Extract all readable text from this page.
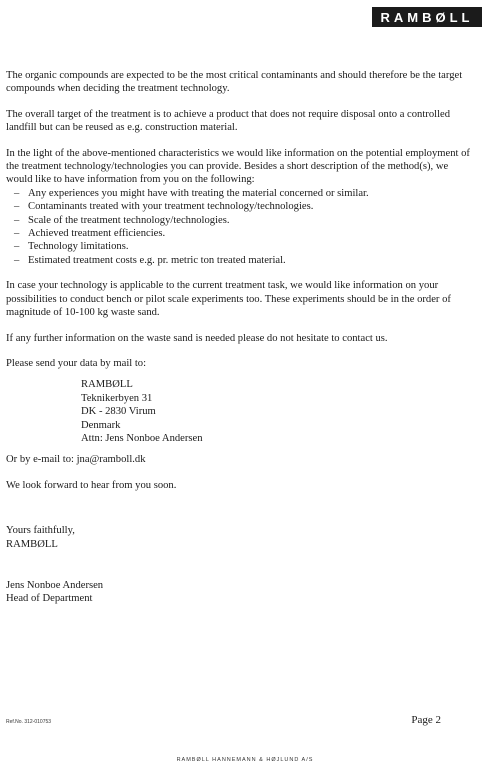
RAMBØLL

The organic compounds are expected to be the most critical contaminants and should therefore be the target compounds when deciding the treatment technology.

The overall target of the treatment is to achieve a product that does not require disposal onto a controlled landfill but can be reused as e.g. construction material.

In the light of the above-mentioned characteristics we would like information on the potential employment of the treatment technology/technologies you can provide. Besides a short description of the method(s), we would like to have information from you on the following:

– Any experiences you might have with treating the material concerned or similar.
– Contaminants treated with your treatment technology/technologies.
– Scale of the treatment technology/technologies.
– Achieved treatment efficiencies.
– Technology limitations.
– Estimated treatment costs e.g. pr. metric ton treated material.

In case your technology is applicable to the current treatment task, we would like information on your possibilities to conduct bench or pilot scale experiments too. These experiments should be in the order of magnitude of 10-100 kg waste sand.

If any further information on the waste sand is needed please do not hesitate to contact us.

Please send your data by mail to:

RAMBØLL
Teknikerbyen 31
DK - 2830 Virum
Denmark
Attn: Jens Nonboe Andersen

Or by e-mail to: jna@ramboll.dk

We look forward to hear from you soon.

Yours faithfully,
RAMBØLL
Jens Nonboe Andersen
Head of Department
Ref.No. 312-010753	Page 2
RAMBØLL HANNEMANN & HØJLUND A/S
